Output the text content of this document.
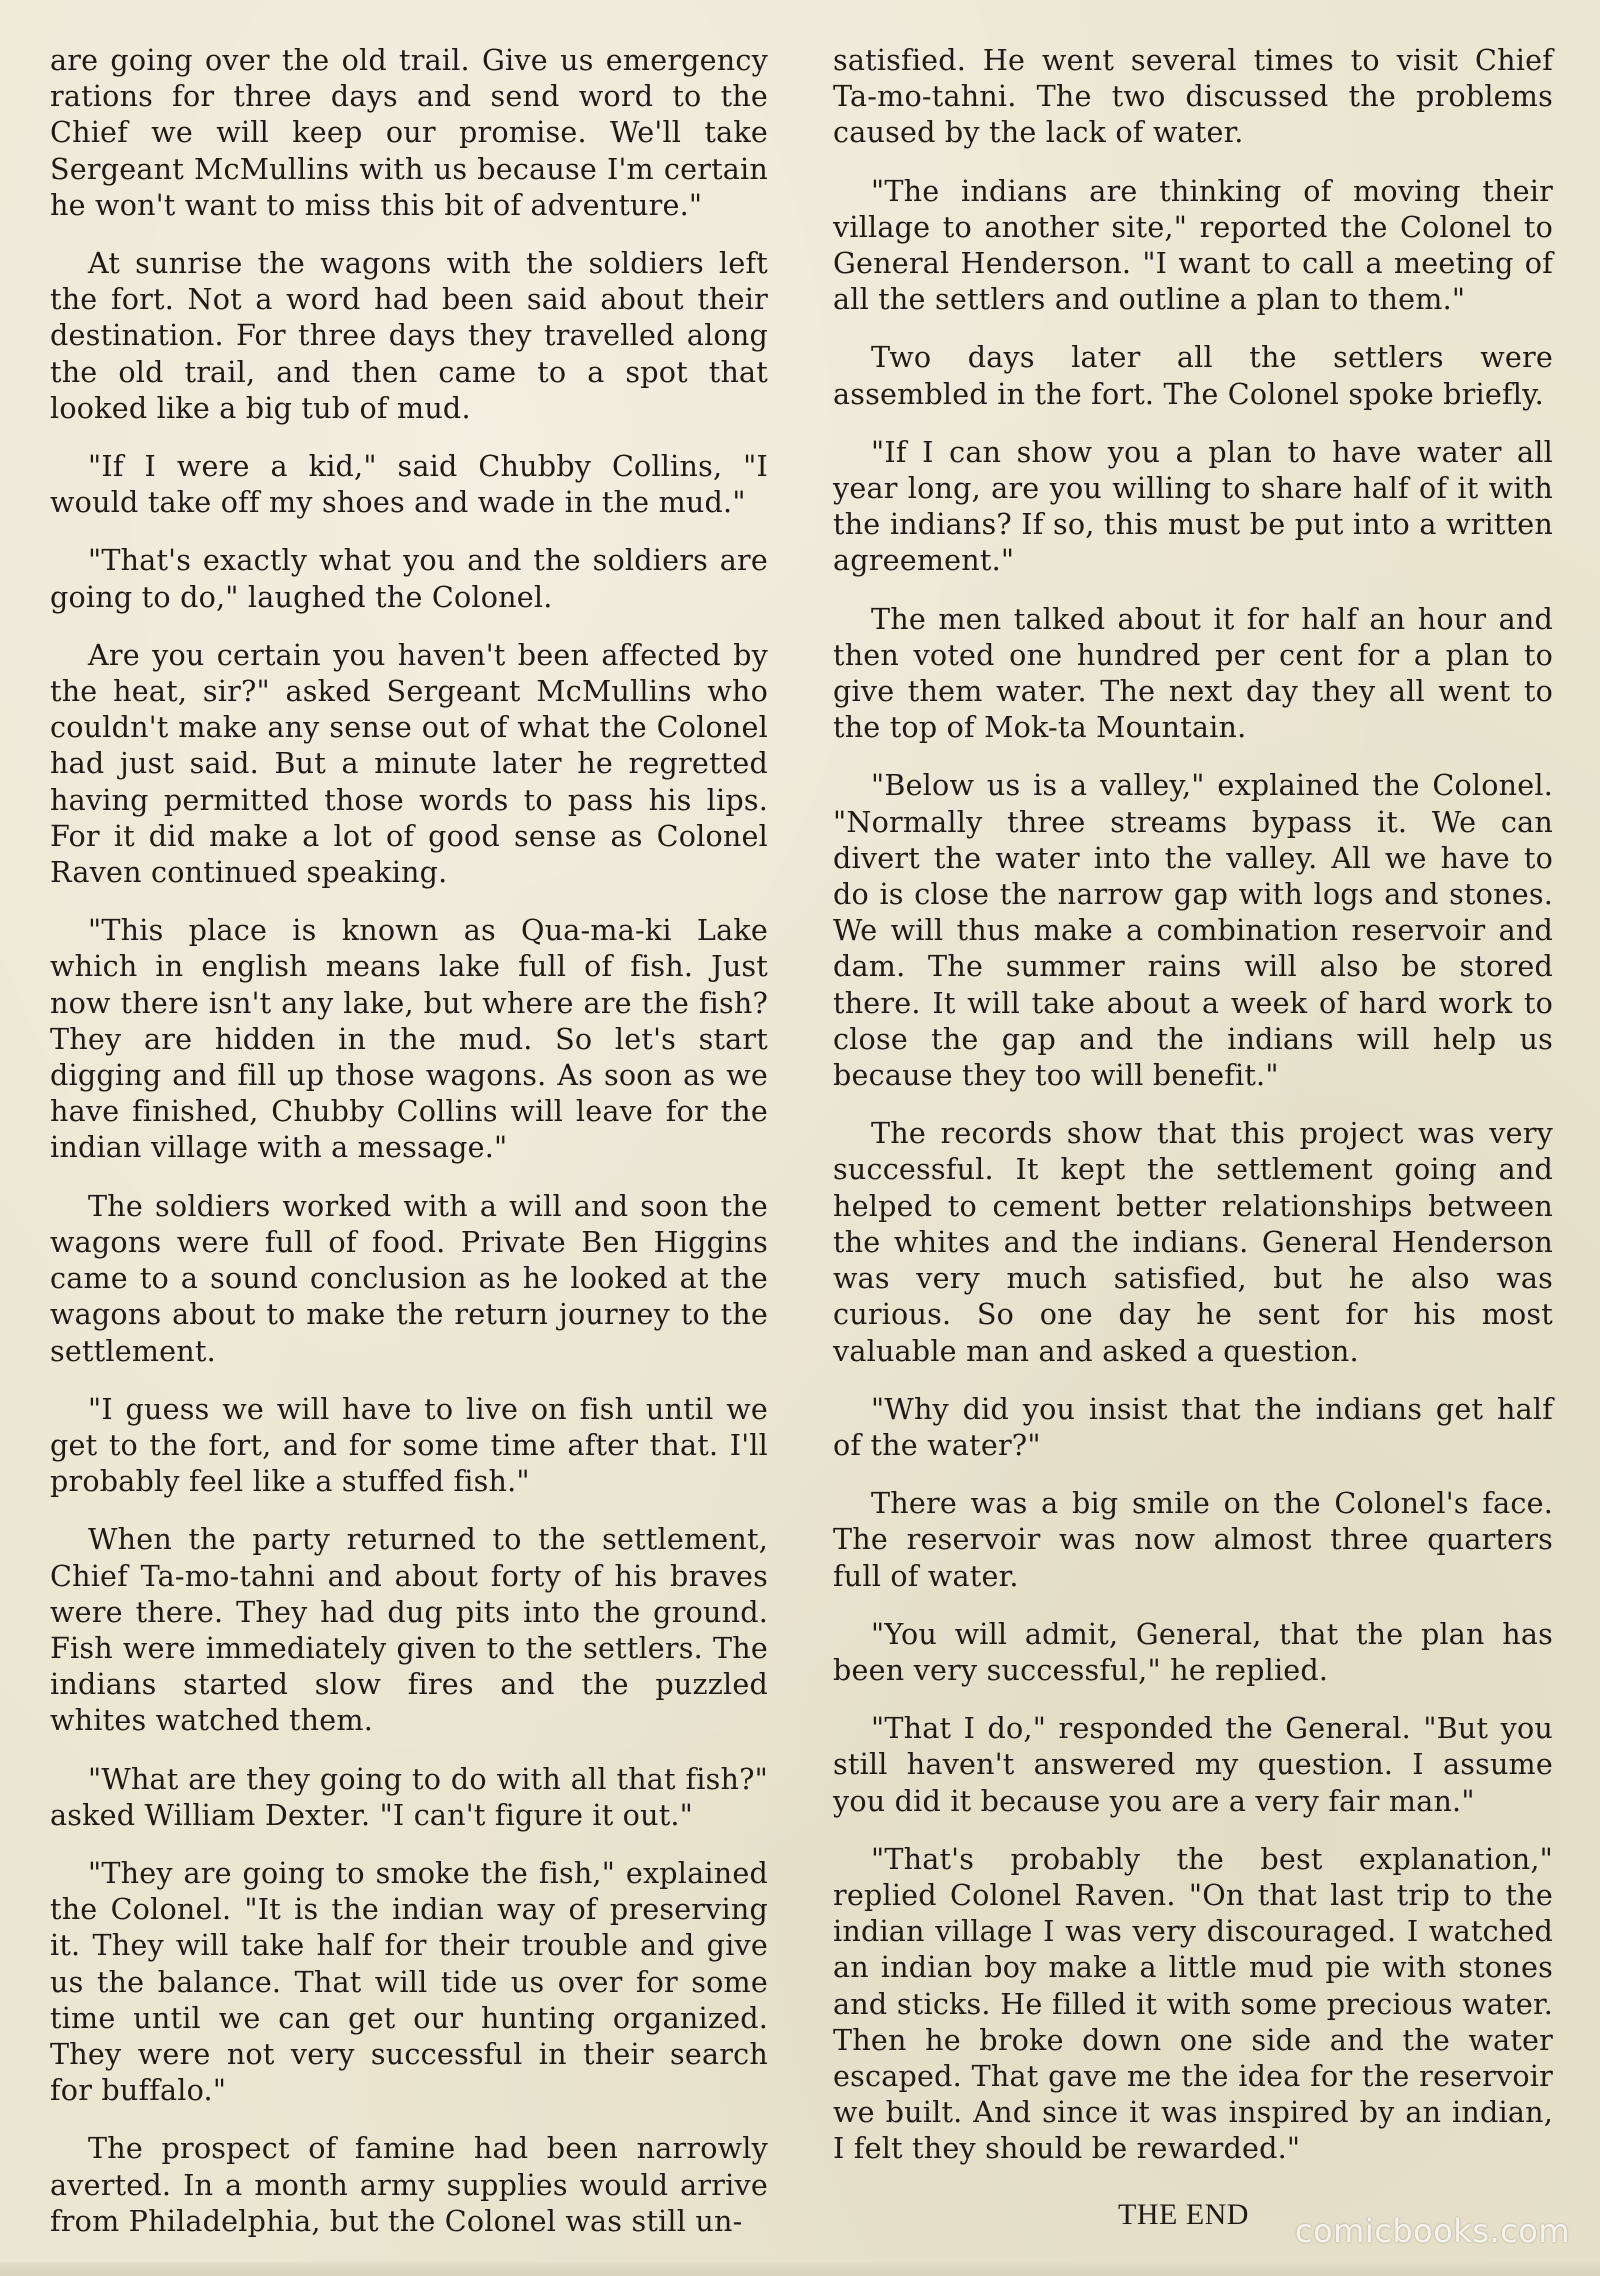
are going over the old trail. Give us emergency rations for three days and send word to the Chief we will keep our promise. We'll take Sergeant McMullins with us because I'm certain he won't want to miss this bit of adventure."

At sunrise the wagons with the soldiers left the fort. Not a word had been said about their destination. For three days they travelled along the old trail, and then came to a spot that looked like a big tub of mud.

"If I were a kid," said Chubby Collins, "I would take off my shoes and wade in the mud."

"That's exactly what you and the soldiers are going to do," laughed the Colonel.

Are you certain you haven't been affected by the heat, sir?" asked Sergeant McMullins who couldn't make any sense out of what the Colonel had just said. But a minute later he regretted having permitted those words to pass his lips. For it did make a lot of good sense as Colonel Raven continued speaking.

"This place is known as Qua-ma-ki Lake which in english means lake full of fish. Just now there isn't any lake, but where are the fish? They are hidden in the mud. So let's start digging and fill up those wagons. As soon as we have finished, Chubby Collins will leave for the indian village with a message."

The soldiers worked with a will and soon the wagons were full of food. Private Ben Higgins came to a sound conclusion as he looked at the wagons about to make the return journey to the settlement.

"I guess we will have to live on fish until we get to the fort, and for some time after that. I'll probably feel like a stuffed fish."

When the party returned to the settlement, Chief Ta-mo-tahni and about forty of his braves were there. They had dug pits into the ground. Fish were immediately given to the settlers. The indians started slow fires and the puzzled whites watched them.

"What are they going to do with all that fish?" asked William Dexter. "I can't figure it out."

"They are going to smoke the fish," explained the Colonel. "It is the indian way of preserving it. They will take half for their trouble and give us the balance. That will tide us over for some time until we can get our hunting organized. They were not very successful in their search for buffalo."

The prospect of famine had been narrowly averted. In a month army supplies would arrive from Philadelphia, but the Colonel was still un-

satisfied. He went several times to visit Chief Ta-mo-tahni. The two discussed the problems caused by the lack of water.

"The indians are thinking of moving their village to another site," reported the Colonel to General Henderson. "I want to call a meeting of all the settlers and outline a plan to them."

Two days later all the settlers were assembled in the fort. The Colonel spoke briefly.

"If I can show you a plan to have water all year long, are you willing to share half of it with the indians? If so, this must be put into a written agreement."

The men talked about it for half an hour and then voted one hundred per cent for a plan to give them water. The next day they all went to the top of Mok-ta Mountain.

"Below us is a valley," explained the Colonel. "Normally three streams bypass it. We can divert the water into the valley. All we have to do is close the narrow gap with logs and stones. We will thus make a combination reservoir and dam. The summer rains will also be stored there. It will take about a week of hard work to close the gap and the indians will help us because they too will benefit."

The records show that this project was very successful. It kept the settlement going and helped to cement better relationships between the whites and the indians. General Henderson was very much satisfied, but he also was curious. So one day he sent for his most valuable man and asked a question.

"Why did you insist that the indians get half of the water?"

There was a big smile on the Colonel's face. The reservoir was now almost three quarters full of water.

"You will admit, General, that the plan has been very successful," he replied.

"That I do," responded the General. "But you still haven't answered my question. I assume you did it because you are a very fair man."

"That's probably the best explanation," replied Colonel Raven. "On that last trip to the indian village I was very discouraged. I watched an indian boy make a little mud pie with stones and sticks. He filled it with some precious water. Then he broke down one side and the water escaped. That gave me the idea for the reservoir we built. And since it was inspired by an indian, I felt they should be rewarded."

THE END comicbooks.com
